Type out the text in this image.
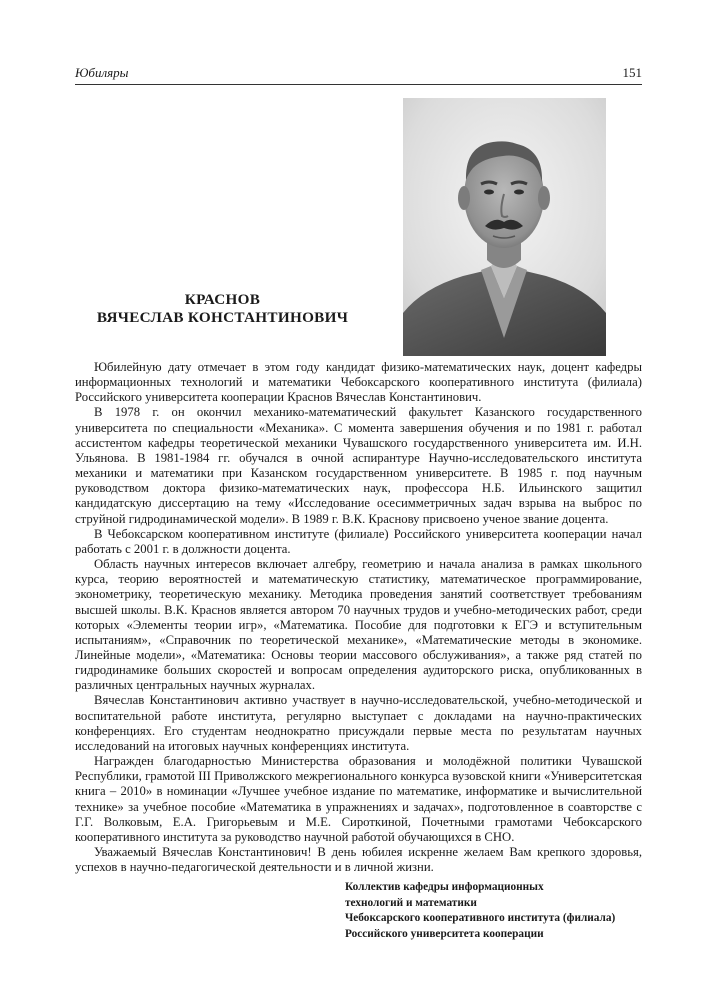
Юбиляры	151
КРАСНОВ
ВЯЧЕСЛАВ КОНСТАНТИНОВИЧ

Юбилейную дату отмечает в этом году кандидат физико-математических наук, доцент кафедры информационных технологий и математики Чебоксарского кооперативного института (филиала) Российского университета кооперации Краснов Вячеслав Константинович.

В 1978 г. он окончил механико-математический факультет Казанского государственного университета по специальности «Механика». С момента завершения обучения и по 1981 г. работал ассистентом кафедры теоретической механики Чувашского государственного университета им. И.Н. Ульянова. В 1981-1984 гг. обучался в очной аспирантуре Научно-исследовательского института механики и математики при Казанском государственном университете. В 1985 г. под научным руководством доктора физико-математических наук, профессора Н.Б. Ильинского защитил кандидатскую диссертацию на тему «Исследование осесимметричных задач взрыва на выброс по струйной гидродинамической модели». В 1989 г. В.К. Краснову присвоено ученое звание доцента.

В Чебоксарском кооперативном институте (филиале) Российского университета кооперации начал работать с 2001 г. в должности доцента.

Область научных интересов включает алгебру, геометрию и начала анализа в рамках школьного курса, теорию вероятностей и математическую статистику, математическое программирование, эконометрику, теоретическую механику. Методика проведения занятий соответствует требованиям высшей школы. В.К. Краснов является автором 70 научных трудов и учебно-методических работ, среди которых «Элементы теории игр», «Математика. Пособие для подготовки к ЕГЭ и вступительным испытаниям», «Справочник по теоретической механике», «Математические методы в экономике. Линейные модели», «Математика: Основы теории массового обслуживания», а также ряд статей по гидродинамике больших скоростей и вопросам определения аудиторского риска, опубликованных в различных центральных научных журналах.

Вячеслав Константинович активно участвует в научно-исследовательской, учебно-методической и воспитательной работе института, регулярно выступает с докладами на научно-практических конференциях. Его студентам неоднократно присуждали первые места по результатам научных исследований на итоговых научных конференциях института.

Награжден благодарностью Министерства образования и молодёжной политики Чувашской Республики, грамотой III Приволжского межрегионального конкурса вузовской книги «Университетская книга – 2010» в номинации «Лучшее учебное издание по математике, информатике и вычислительной технике» за учебное пособие «Математика в упражнениях и задачах», подготовленное в соавторстве с Г.Г. Волковым, Е.А. Григорьевым и М.Е. Сироткиной, Почетными грамотами Чебоксарского кооперативного института за руководство научной работой обучающихся в СНО.

Уважаемый Вячеслав Константинович! В день юбилея искренне желаем Вам крепкого здоровья, успехов в научно-педагогической деятельности и в личной жизни.

Коллектив кафедры информационных
технологий и математики
Чебоксарского кооперативного института (филиала)
Российского университета кооперации
